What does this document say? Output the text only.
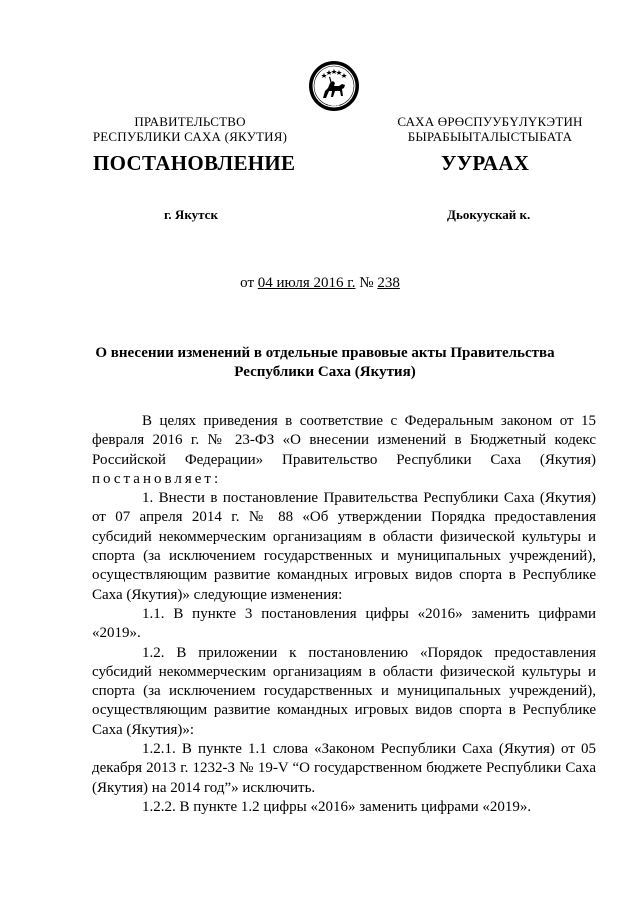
САХА
ПРАВИТЕЛЬСТВО
РЕСПУБЛИКИ САХА (ЯКУТИЯ)
САХА ӨРӨСПУУБҮЛҮКЭТИН
БЫРАБЫЫТАЛЫСТЫБАТА
ПОСТАНОВЛЕНИЕ	УУРААХ
г. Якутск	Дьокуускай к.
от 04 июля 2016 г. № 238
О внесении изменений в отдельные правовые акты Правительства
Республики Саха (Якутия)

В целях приведения в соответствие с Федеральным законом от 15 февраля 2016 г. № 23-ФЗ «О внесении изменений в Бюджетный кодекс Российской Федерации» Правительство Республики Саха (Якутия) постановляет:

1. Внести в постановление Правительства Республики Саха (Якутия) от 07 апреля 2014 г. № 88 «Об утверждении Порядка предоставления субсидий некоммерческим организациям в области физической культуры и спорта (за исключением государственных и муниципальных учреждений), осуществляющим развитие командных игровых видов спорта в Республике Саха (Якутия)» следующие изменения:

1.1. В пункте 3 постановления цифры «2016» заменить цифрами «2019».

1.2. В приложении к постановлению «Порядок предоставления субсидий некоммерческим организациям в области физической культуры и спорта (за исключением государственных и муниципальных учреждений), осуществляющим развитие командных игровых видов спорта в Республике Саха (Якутия)»:

1.2.1. В пункте 1.1 слова «Законом Республики Саха (Якутия) от 05 декабря 2013 г. 1232-З № 19-V “О государственном бюджете Республики Саха (Якутия) на 2014 год”» исключить.

1.2.2. В пункте 1.2 цифры «2016» заменить цифрами «2019».
